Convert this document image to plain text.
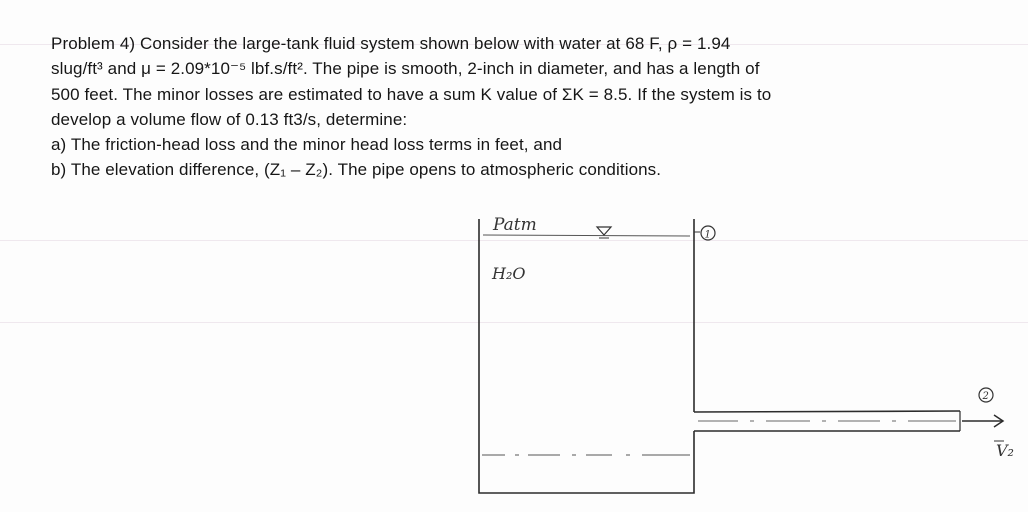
Problem 4) Consider the large-tank fluid system shown below with water at 68 F, ρ = 1.94
slug/ft³ and μ = 2.09*10⁻⁵ lbf.s/ft². The pipe is smooth, 2-inch in diameter, and has a length of
500 feet. The minor losses are estimated to have a sum K value of ΣK = 8.5. If the system is to
develop a volume flow of 0.13 ft3/s, determine:
a) The friction-head loss and the minor head loss terms in feet, and
b) The elevation difference, (Z₁ – Z₂). The pipe opens to atmospheric conditions.
1
2
Patm
H₂O
V₂
